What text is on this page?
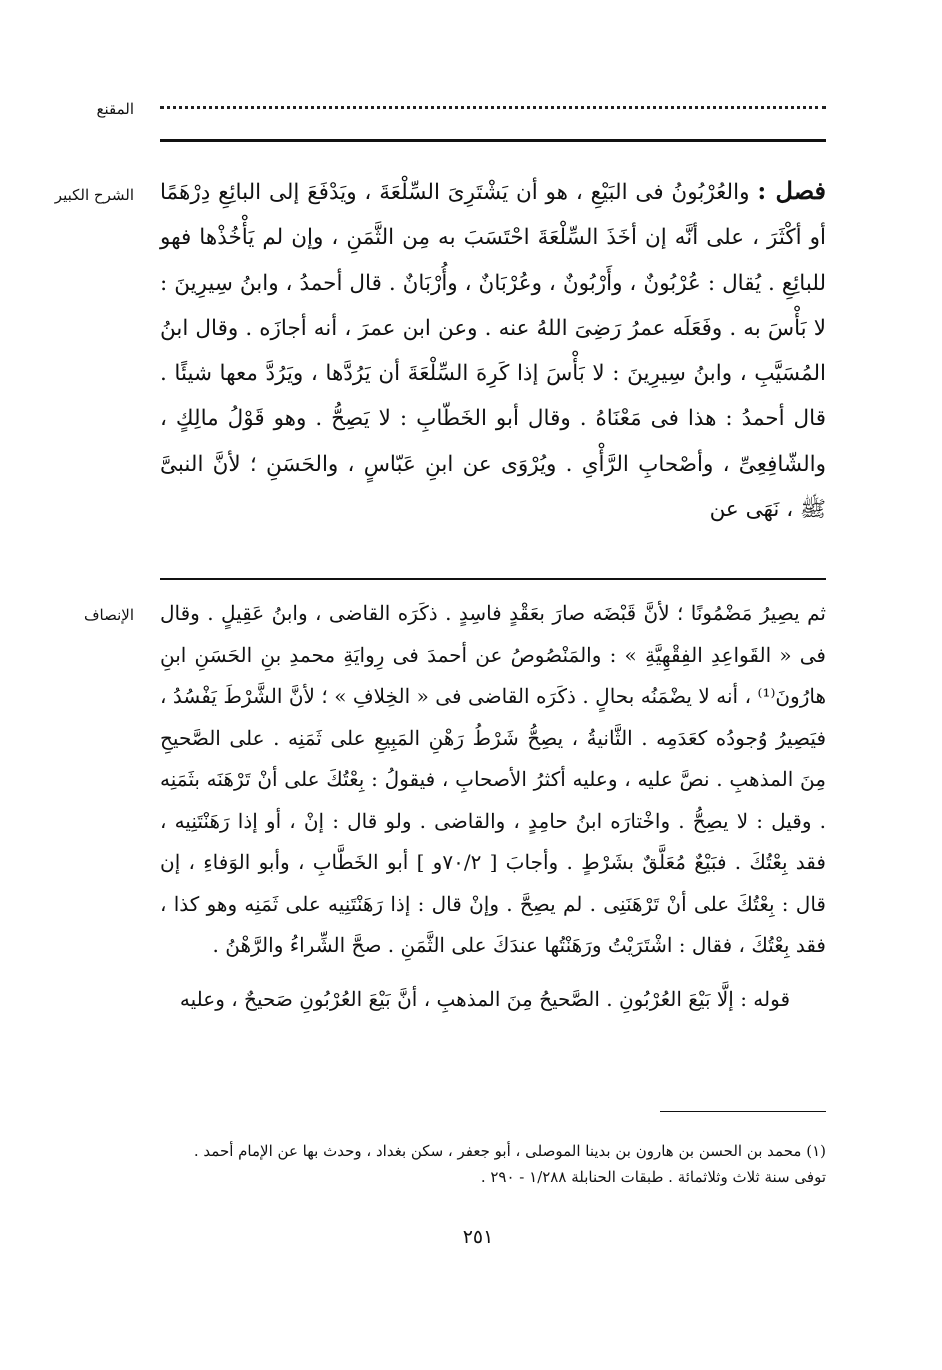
المقنع
الشرح الكبير	فصل : والعُرْبُونُ فى البَيْعِ ، هو أن يَشْتَرِىَ السِّلْعَةَ ، ويَدْفَعَ إلى البائِعِ دِرْهَمًا أو أكْثَرَ ، على أنَّه إن أخَذَ السِّلْعَةَ احْتَسَبَ به مِن الثَّمَنِ ، وإن لم يَأْخُذْها فهو للبائِعِ . يُقال : عُرْبُونٌ ، وأَرْبُونٌ ، وعُرْبَانٌ ، وأُرْبَانٌ . قال أحمدُ ، وابنُ سِيرِينَ : لا بَأْسَ به . وفَعَلَه عمرُ رَضِىَ اللهُ عنه . وعن ابن عمرَ ، أنه أجازَه . وقال ابنُ المُسَيَّبِ ، وابنُ سِيرِينَ : لا بَأْسَ إذا كَرِهَ السِّلْعَةَ أن يَرُدَّها ، ويَرُدَّ معها شيئًا . قال أحمدُ : هذا فى مَعْنَاهُ . وقال أبو الخَطّابِ : لا يَصِحُّ . وهو قَوْلُ مالِكٍ ، والشّافِعِىِّ ، وأصْحابِ الرَّأْىِ . ويُرْوَى عن ابنِ عَبّاسٍ ، والحَسَنِ ؛ لأنَّ النبىَّ ﷺ ، نَهَى عن

الإنصاف ثم يصِيرُ مَضْمُونًا ؛ لأنَّ قَبْضَه صارَ بعَقْدٍ فاسِدٍ . ذكَرَه القاضى ، وابنُ عَقِيلٍ . وقال فى « القَواعِدِ الفِقْهِيَّةِ » : والمَنْصُوصُ عن أحمدَ فى رِوايَةِ محمدِ بنِ الحَسَنِ ابنِ هارُونَ⁽¹⁾ ، أنه لا يضْمَنُه بحالٍ . ذكَرَه القاضى فى « الخِلافِ » ؛ لأنَّ الشَّرْطَ يَفْسُدُ ، فيَصِيرُ وُجودُه كعَدَمِه . الثَّانيةُ ، يصِحُّ شَرْطُ رَهْنِ المَبِيعِ على ثَمَنِه . على الصَّحيحِ مِنَ المذهبِ . نصَّ عليه ، وعليه أكثرُ الأصحابِ ، فيقولُ : بِعْتُكَ على أنْ تَرْهَنَه بثَمَنِه . وقيل : لا يصِحُّ . واخْتارَه ابنُ حامِدٍ ، والقاضى . ولو قال : إنْ ، أو إذا رَهَنْتَنِيه ، فقد بِعْتُكَ . فبَيْعٌ مُعَلَّقٌ بشَرْطٍ . وأجابَ [ ٧٠/٢و ] أبو الخَطَّابِ ، وأبو الوَفاءِ ، إن قال : بِعْتُكَ على أنْ تَرْهَنَنِى . لم يصِحَّ . وإنْ قال : إذا رَهَنْتَنِيه على ثَمَنِه وهو كذا ، فقد بِعْتُكَ ، فقال : اشْتَرَيْتُ ورَهَنْتُها عندَكَ على الثَّمَنِ . صحَّ الشِّراءُ والرَّهْنُ .

قوله : إلَّا بَيْعَ العُرْبُونِ . الصَّحيحُ مِنَ المذهبِ ، أنَّ بَيْعَ العُرْبُونِ صَحيحٌ ، وعليه

(١) محمد بن الحسن بن هارون بن بدينا الموصلى ، أبو جعفر ، سكن بغداد ، وحدث بها عن الإمام أحمد .

توفى سنة ثلاث وثلاثمائة . طبقات الحنابلة ١/٢٨٨ - ٢٩٠ .

٢٥١
